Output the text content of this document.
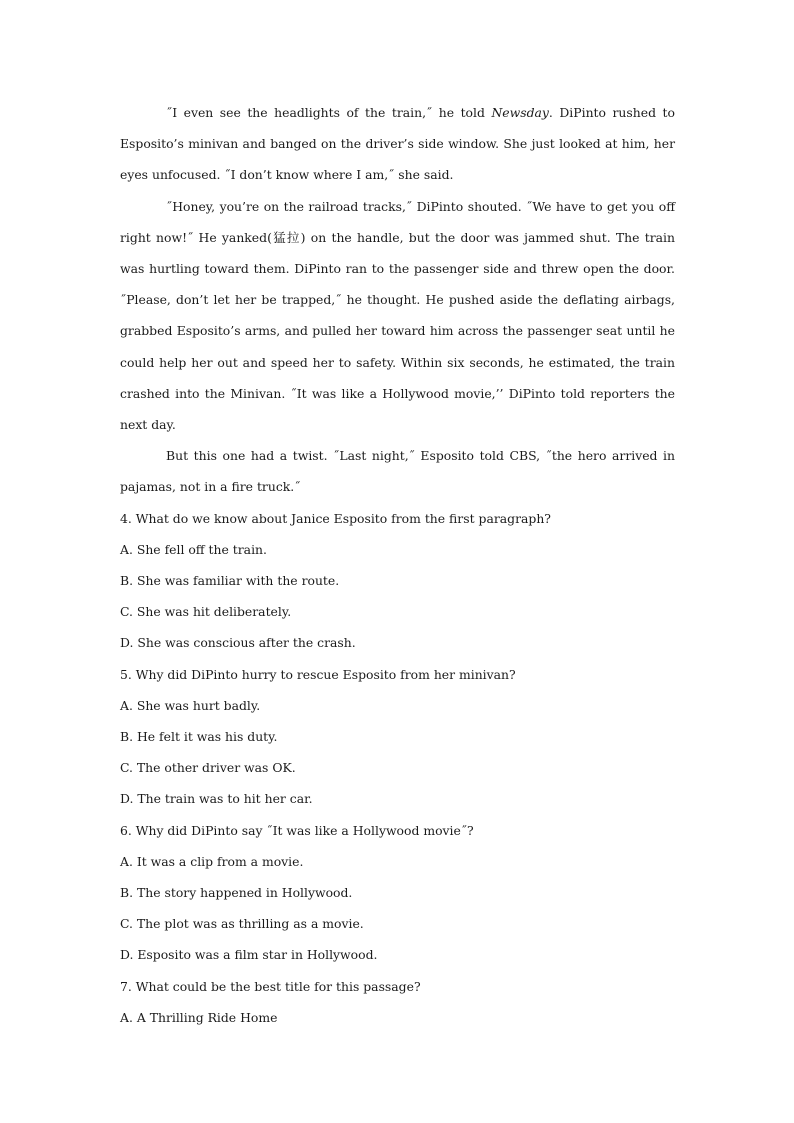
˝I even see the headlights of the train,˝ he told Newsday. DiPinto rushed to Esposito’s minivan and banged on the driver’s side window. She just looked at him, her eyes unfocused. ˝I don’t know where I am,˝ she said.

˝Honey, you’re on the railroad tracks,˝ DiPinto shouted. ˝We have to get you off right now!˝ He yanked(猛拉) on the handle, but the door was jammed shut. The train was hurtling toward them. DiPinto ran to the passenger side and threw open the door. ˝Please, don’t let her be trapped,˝ he thought. He pushed aside the deflating airbags, grabbed Esposito’s arms, and pulled her toward him across the passenger seat until he could help her out and speed her to safety. Within six seconds, he estimated, the train crashed into the Minivan. ˝It was like a Hollywood movie,’’ DiPinto told reporters the next day.

But this one had a twist. ˝Last night,˝ Esposito told CBS, ˝the hero arrived in pajamas, not in a fire truck.˝

4. What do we know about Janice Esposito from the first paragraph?

A. She fell off the train.

B. She was familiar with the route.

C. She was hit deliberately.

D. She was conscious after the crash.

5. Why did DiPinto hurry to rescue Esposito from her minivan?

A. She was hurt badly.

B. He felt it was his duty.

C. The other driver was OK.

D. The train was to hit her car.

6. Why did DiPinto say ˝It was like a Hollywood movie˝?

A. It was a clip from a movie.

B. The story happened in Hollywood.

C. The plot was as thrilling as a movie.

D. Esposito was a film star in Hollywood.

7. What could be the best title for this passage?

A. A Thrilling Ride Home
